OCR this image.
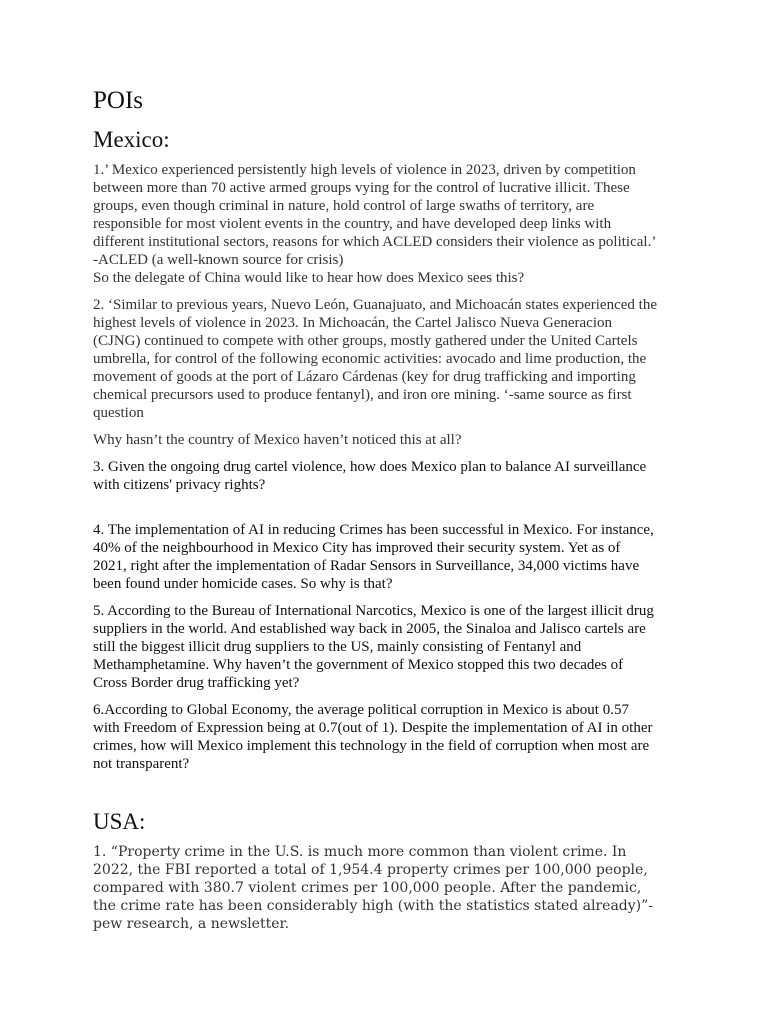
POIs
Mexico:

1.’ Mexico experienced persistently high levels of violence in 2023, driven by competition
between more than 70 active armed groups vying for the control of lucrative illicit. These
groups, even though criminal in nature, hold control of large swaths of territory, are
responsible for most violent events in the country, and have developed deep links with
different institutional sectors, reasons for which ACLED considers their violence as political.’
-ACLED (a well-known source for crisis)
So the delegate of China would like to hear how does Mexico sees this?

2. ‘Similar to previous years, Nuevo León, Guanajuato, and Michoacán states experienced the
highest levels of violence in 2023. In Michoacán, the Cartel Jalisco Nueva Generacion
(CJNG) continued to compete with other groups, mostly gathered under the United Cartels
umbrella, for control of the following economic activities: avocado and lime production, the
movement of goods at the port of Lázaro Cárdenas (key for drug trafficking and importing
chemical precursors used to produce fentanyl), and iron ore mining. ‘-same source as first
question

Why hasn’t the country of Mexico haven’t noticed this at all?

3. Given the ongoing drug cartel violence, how does Mexico plan to balance AI surveillance
with citizens' privacy rights?

4. The implementation of AI in reducing Crimes has been successful in Mexico. For instance,
40% of the neighbourhood in Mexico City has improved their security system. Yet as of
2021, right after the implementation of Radar Sensors in Surveillance, 34,000 victims have
been found under homicide cases. So why is that?

5. According to the Bureau of International Narcotics, Mexico is one of the largest illicit drug
suppliers in the world. And established way back in 2005, the Sinaloa and Jalisco cartels are
still the biggest illicit drug suppliers to the US, mainly consisting of Fentanyl and
Methamphetamine. Why haven’t the government of Mexico stopped this two decades of
Cross Border drug trafficking yet?

6.According to Global Economy, the average political corruption in Mexico is about 0.57
with Freedom of Expression being at 0.7(out of 1). Despite the implementation of AI in other
crimes, how will Mexico implement this technology in the field of corruption when most are
not transparent?

USA:

1. “Property crime in the U.S. is much more common than violent crime. In
2022, the FBI reported a total of 1,954.4 property crimes per 100,000 people,
compared with 380.7 violent crimes per 100,000 people. After the pandemic,
the crime rate has been considerably high (with the statistics stated already)”-
pew research, a newsletter.
